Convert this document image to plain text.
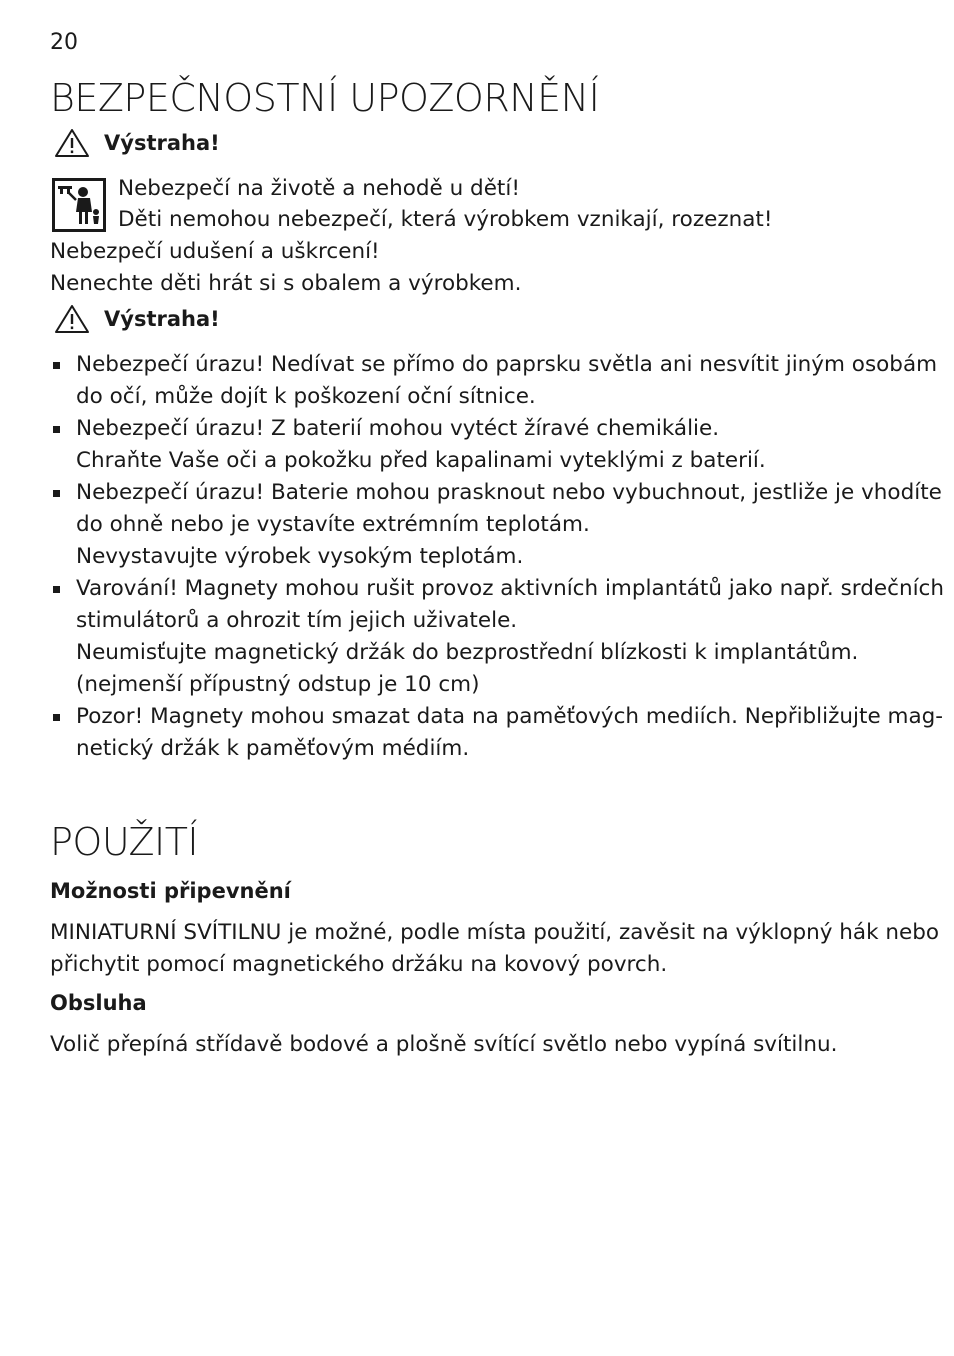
20
BEZPEČNOSTNÍ UPOZORNĚNÍ
Výstraha!
Nebezpečí na životě a nehodě u dětí!
Děti nemohou nebezpečí, která výrobkem vznikají, rozeznat!
Nebezpečí udušení a uškrcení!
Nenechte děti hrát si s obalem a výrobkem.
Výstraha!
Nebezpečí úrazu! Nedívat se přímo do paprsku světla ani nesvítit jiným osobám
do očí, může dojít k poškození oční sítnice.
Nebezpečí úrazu! Z baterií mohou vytéct žíravé chemikálie.
Chraňte Vaše oči a pokožku před kapalinami vyteklými z baterií.
Nebezpečí úrazu! Baterie mohou prasknout nebo vybuchnout, jestliže je vhodíte
do ohně nebo je vystavíte extrémním teplotám.
Nevystavujte výrobek vysokým teplotám.
Varování! Magnety mohou rušit provoz aktivních implantátů jako např. srdečních
stimulátorů a ohrozit tím jejich uživatele.
Neumisťujte magnetický držák do bezprostřední blízkosti k implantátům.
(nejmenší přípustný odstup je 10 cm)
Pozor! Magnety mohou smazat data na paměťových mediích. Nepřibližujte mag-
netický držák k paměťovým médiím.
POUŽITÍ
Možnosti připevnění
MINIATURNÍ SVÍTILNU je možné, podle místa použití, zavěsit na výklopný hák nebo
přichytit pomocí magnetického držáku na kovový povrch.
Obsluha
Volič přepíná střídavě bodové a plošně svítící světlo nebo vypíná svítilnu.
